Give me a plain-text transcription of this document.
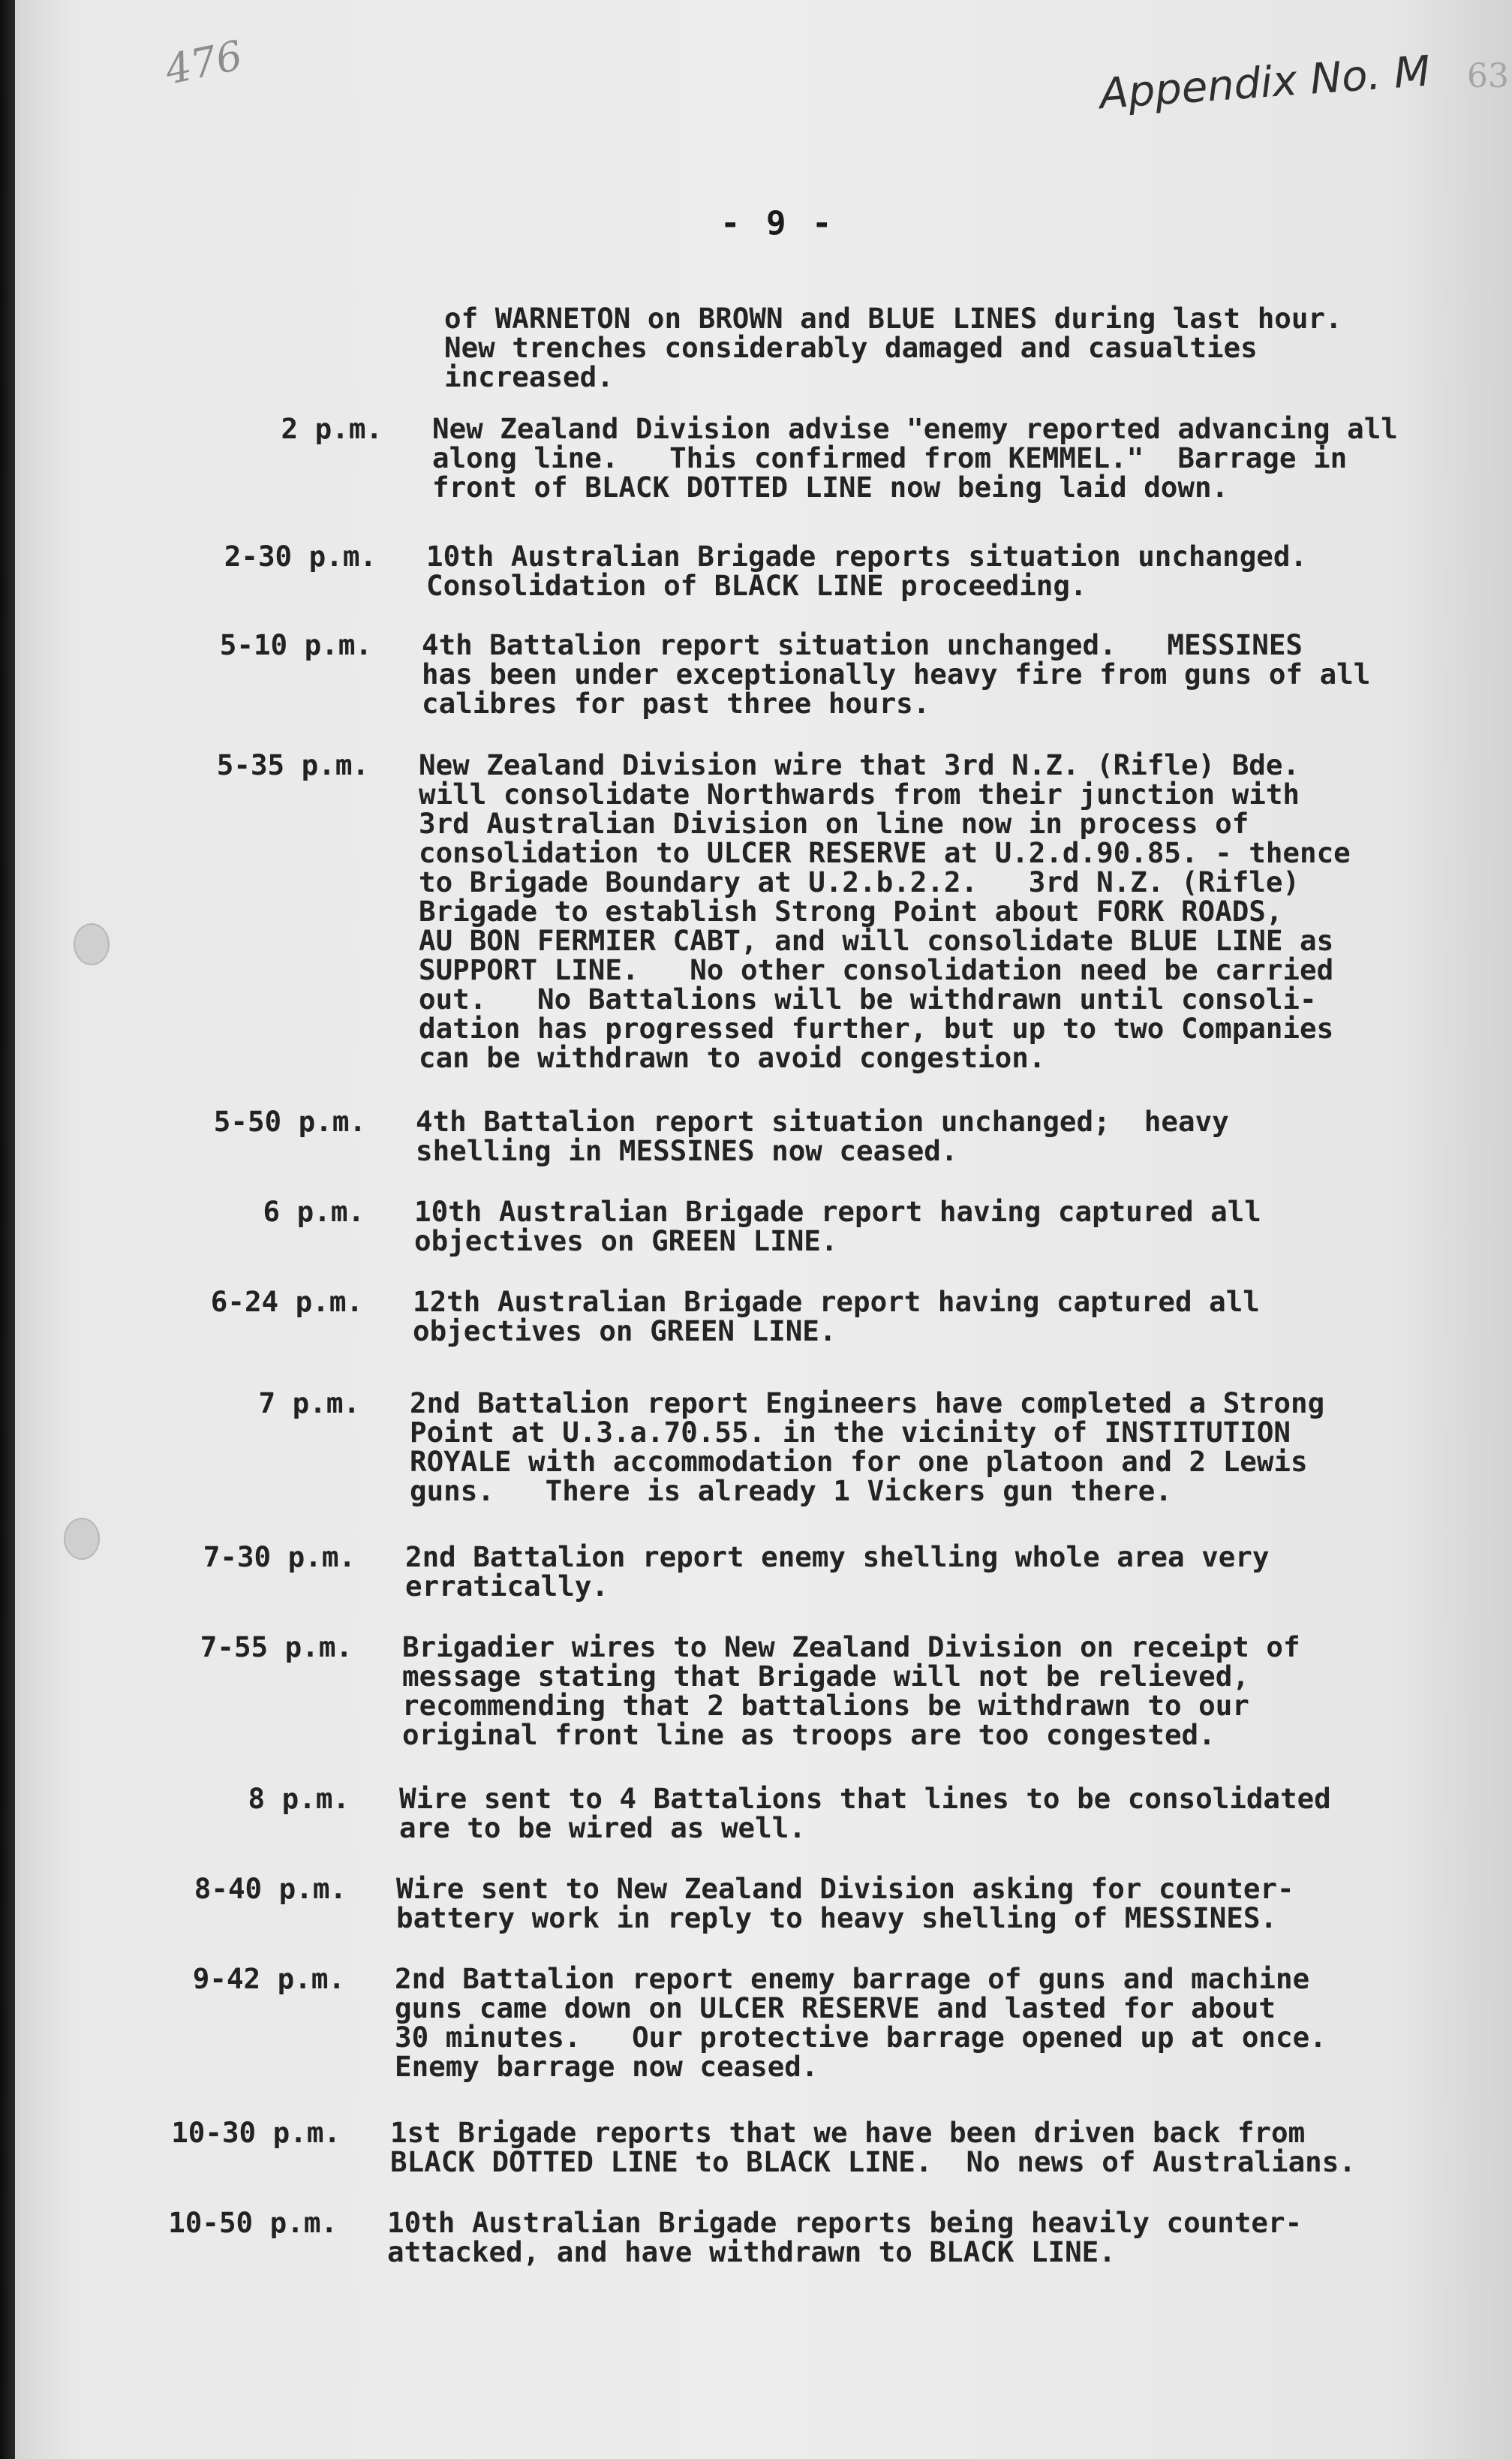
476	Appendix No. M 63
- 9 -

of WARNETON on BROWN and BLUE LINES during last hour.

New trenches considerably damaged and casualties

increased.

2 p.m. New Zealand Division advise "enemy reported advancing all

along line.   This confirmed from KEMMEL."  Barrage in

front of BLACK DOTTED LINE now being laid down.

2-30 p.m. 10th Australian Brigade reports situation unchanged.

Consolidation of BLACK LINE proceeding.

5-10 p.m. 4th Battalion report situation unchanged.   MESSINES

has been under exceptionally heavy fire from guns of all

calibres for past three hours.

5-35 p.m. New Zealand Division wire that 3rd N.Z. (Rifle) Bde.

will consolidate Northwards from their junction with

3rd Australian Division on line now in process of

consolidation to ULCER RESERVE at U.2.d.90.85. - thence

to Brigade Boundary at U.2.b.2.2.   3rd N.Z. (Rifle)

Brigade to establish Strong Point about FORK ROADS,

AU BON FERMIER CABT, and will consolidate BLUE LINE as

SUPPORT LINE.   No other consolidation need be carried

out.   No Battalions will be withdrawn until consoli-

dation has progressed further, but up to two Companies

can be withdrawn to avoid congestion.

5-50 p.m. 4th Battalion report situation unchanged;  heavy

shelling in MESSINES now ceased.

6 p.m. 10th Australian Brigade report having captured all

objectives on GREEN LINE.

6-24 p.m. 12th Australian Brigade report having captured all

objectives on GREEN LINE.

7 p.m. 2nd Battalion report Engineers have completed a Strong

Point at U.3.a.70.55. in the vicinity of INSTITUTION

ROYALE with accommodation for one platoon and 2 Lewis

guns.   There is already 1 Vickers gun there.

7-30 p.m. 2nd Battalion report enemy shelling whole area very

erratically.

7-55 p.m. Brigadier wires to New Zealand Division on receipt of

message stating that Brigade will not be relieved,

recommending that 2 battalions be withdrawn to our

original front line as troops are too congested.

8 p.m. Wire sent to 4 Battalions that lines to be consolidated

are to be wired as well.

8-40 p.m. Wire sent to New Zealand Division asking for counter-

battery work in reply to heavy shelling of MESSINES.

9-42 p.m. 2nd Battalion report enemy barrage of guns and machine

guns came down on ULCER RESERVE and lasted for about

30 minutes.   Our protective barrage opened up at once.

Enemy barrage now ceased.

10-30 p.m. 1st Brigade reports that we have been driven back from

BLACK DOTTED LINE to BLACK LINE.  No news of Australians.

10-50 p.m. 10th Australian Brigade reports being heavily counter-

attacked, and have withdrawn to BLACK LINE.
